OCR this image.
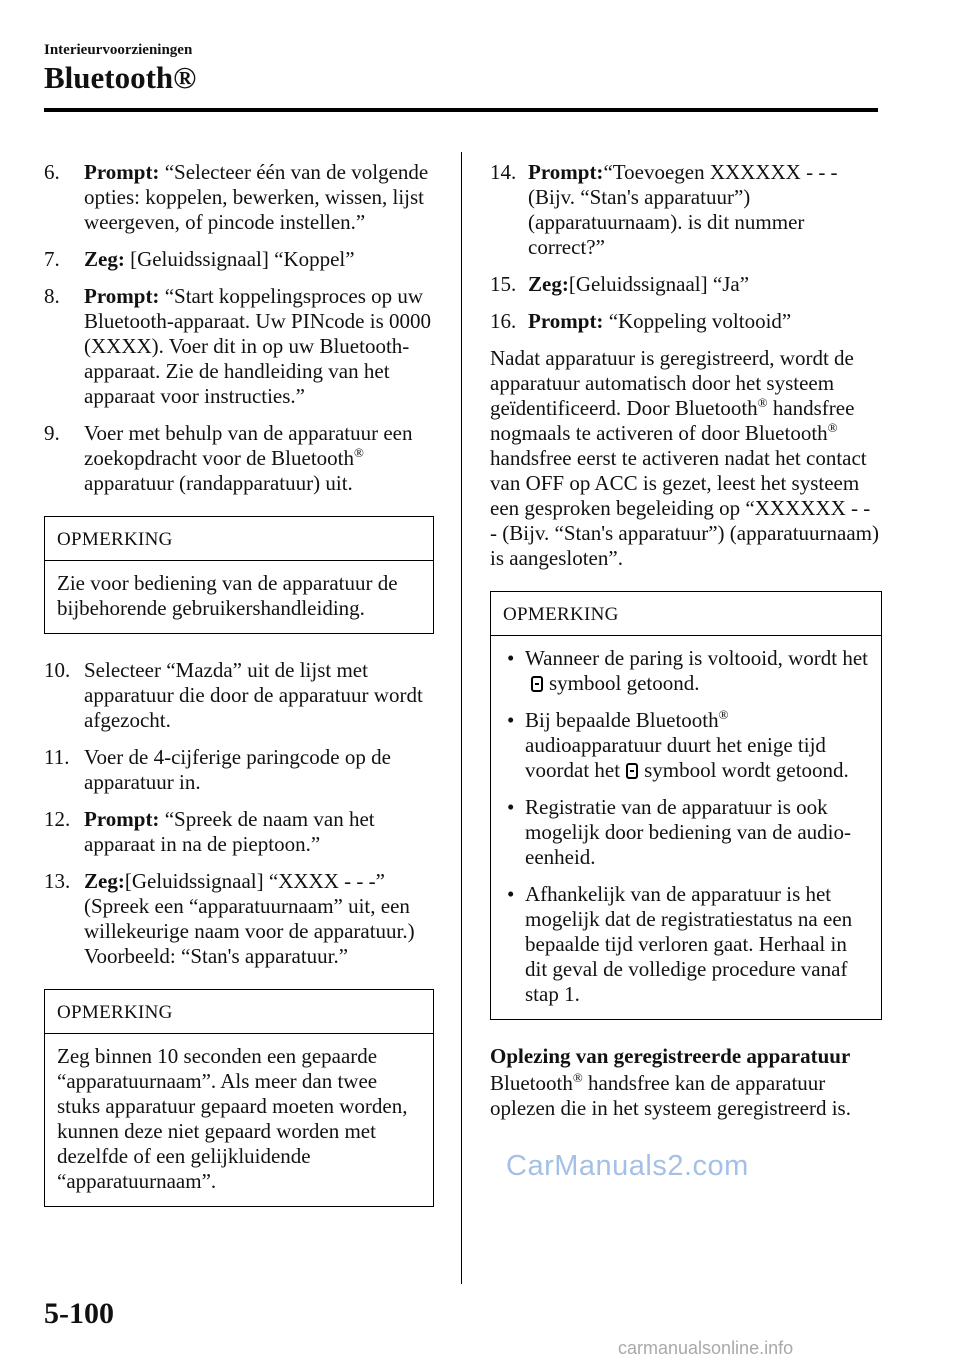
Interieurvoorzieningen
Bluetooth®
6. Prompt: “Selecteer één van de volgende opties: koppelen, bewerken, wissen, lijst weergeven, of pincode instellen.”
7. Zeg: [Geluidssignaal] “Koppel”
8. Prompt: “Start koppelingsproces op uw Bluetooth-apparaat. Uw PINcode is 0000 (XXXX). Voer dit in op uw Bluetooth-apparaat. Zie de handleiding van het apparaat voor instructies.”
9. Voer met behulp van de apparatuur een zoekopdracht voor de Bluetooth® apparatuur (randapparatuur) uit.
OPMERKING
Zie voor bediening van de apparatuur de bijbehorende gebruikershandleiding.
10. Selecteer “Mazda” uit de lijst met apparatuur die door de apparatuur wordt afgezocht.
11. Voer de 4-cijferige paringcode op de apparatuur in.
12. Prompt: “Spreek de naam van het apparaat in na de pieptoon.”
13. Zeg:[Geluidssignaal] “XXXX - - -” (Spreek een “apparatuurnaam” uit, een willekeurige naam voor de apparatuur.)
Voorbeeld: “Stan's apparatuur.”
OPMERKING
Zeg binnen 10 seconden een gepaarde “apparatuurnaam”. Als meer dan twee stuks apparatuur gepaard moeten worden, kunnen deze niet gepaard worden met dezelfde of een gelijkluidende “apparatuurnaam”.
14. Prompt:“Toevoegen XXXXXX - - - (Bijv. “Stan's apparatuur”) (apparatuurnaam). is dit nummer correct?”
15. Zeg:[Geluidssignaal] “Ja”
16. Prompt: “Koppeling voltooid”

Nadat apparatuur is geregistreerd, wordt de apparatuur automatisch door het systeem geïdentificeerd. Door Bluetooth® handsfree nogmaals te activeren of door Bluetooth® handsfree eerst te activeren nadat het contact van OFF op ACC is gezet, leest het systeem een gesproken begeleiding op “XXXXXX - - - (Bijv. “Stan's apparatuur”) (apparatuurnaam) is aangesloten”.

OPMERKING
• Wanneer de paring is voltooid, wordt hetsymbool getoond.
• Bij bepaalde Bluetooth® audioapparatuur duurt het enige tijd voordat het symbool wordt getoond.
• Registratie van de apparatuur is ook mogelijk door bediening van de audio-eenheid.
• Afhankelijk van de apparatuur is het mogelijk dat de registratiestatus na een bepaalde tijd verloren gaat. Herhaal in dit geval de volledige procedure vanaf stap 1.
Oplezing van geregistreerde apparatuur

Bluetooth® handsfree kan de apparatuur oplezen die in het systeem geregistreerd is.

5-100
CarManuals2.com
carmanualsonline.info
